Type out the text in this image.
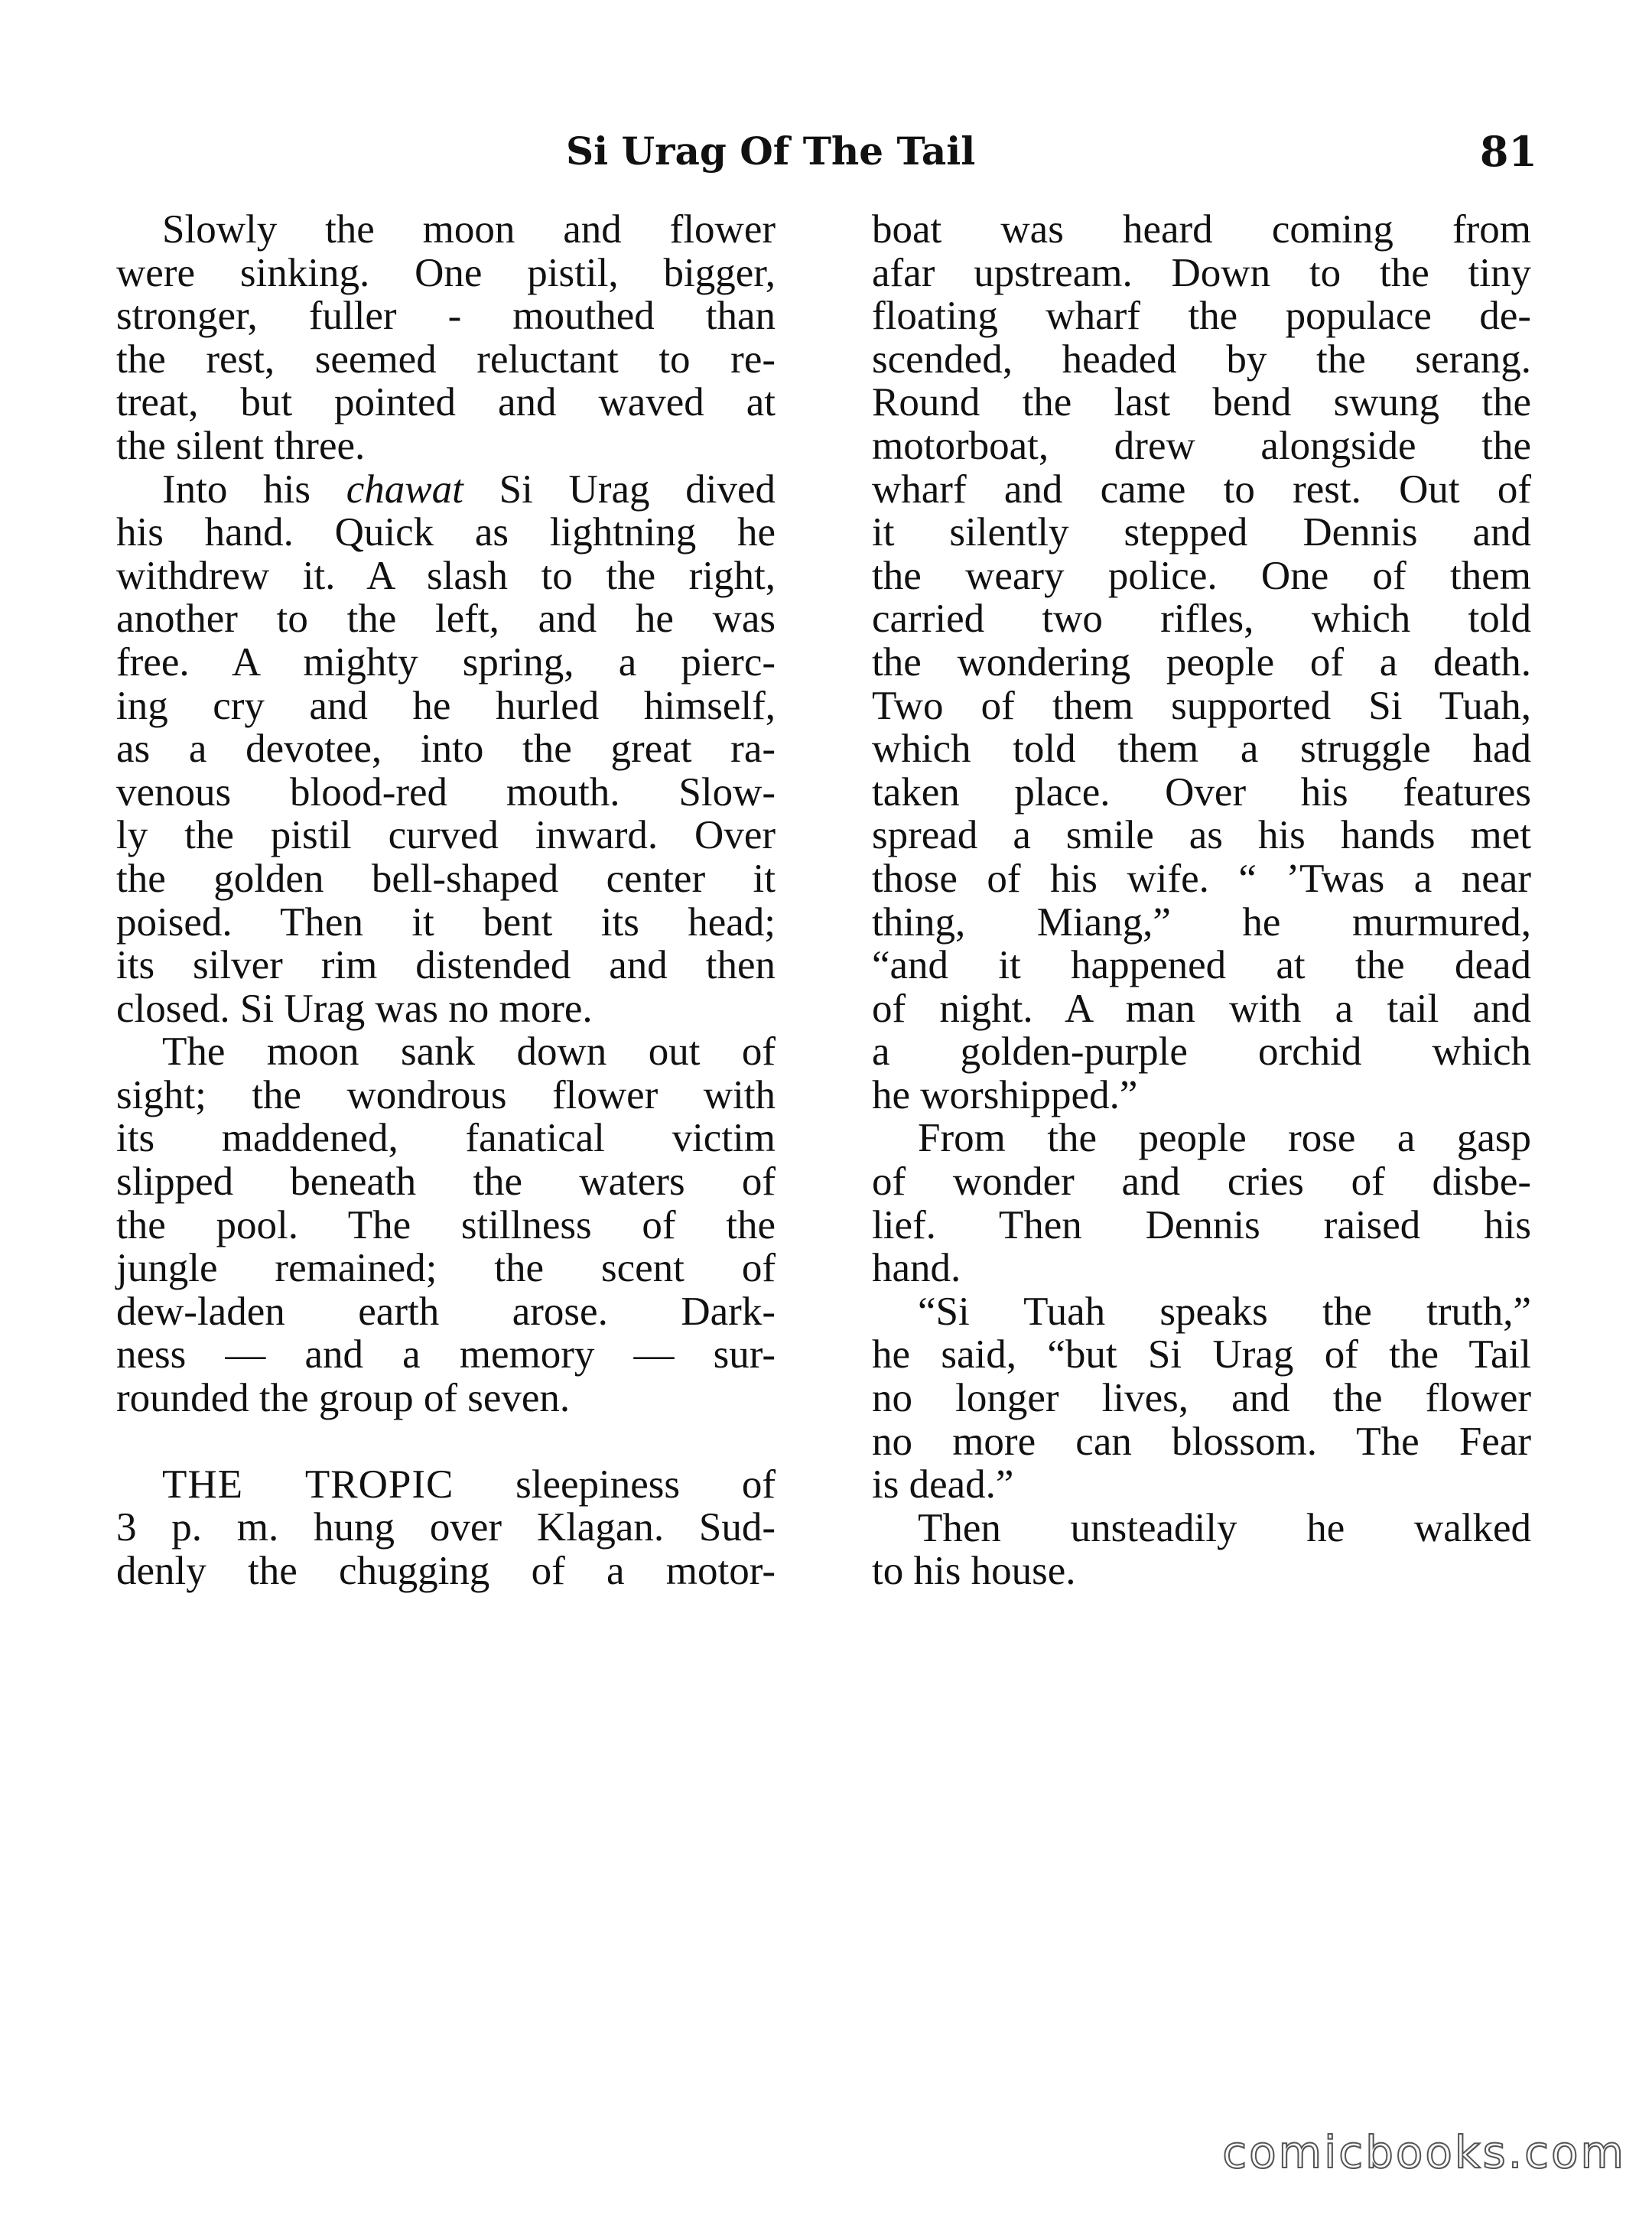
Si Urag Of The Tail	81

Slowly the moon and flower
were sinking. One pistil, bigger,
stronger, fuller - mouthed than
the rest, seemed reluctant to re-
treat, but pointed and waved at
the silent three.

Into his chawat Si Urag dived
his hand. Quick as lightning he
withdrew it. A slash to the right,
another to the left, and he was
free. A mighty spring, a pierc-
ing cry and he hurled himself,
as a devotee, into the great ra-
venous blood-red mouth. Slow-
ly the pistil curved inward. Over
the golden bell-shaped center it
poised. Then it bent its head;
its silver rim distended and then
closed. Si Urag was no more.

The moon sank down out of
sight; the wondrous flower with
its maddened, fanatical victim
slipped beneath the waters of
the pool. The stillness of the
jungle remained; the scent of
dew-laden earth arose. Dark-
ness — and a memory — sur-
rounded the group of seven.

THE TROPIC sleepiness of
3 p. m. hung over Klagan. Sud-
denly the chugging of a motor-

boat was heard coming from
afar upstream. Down to the tiny
floating wharf the populace de-
scended, headed by the serang.
Round the last bend swung the
motorboat, drew alongside the
wharf and came to rest. Out of
it silently stepped Dennis and
the weary police. One of them
carried two rifles, which told
the wondering people of a death.
Two of them supported Si Tuah,
which told them a struggle had
taken place. Over his features
spread a smile as his hands met
those of his wife. “ ’Twas a near
thing, Miang,” he murmured,
“and it happened at the dead
of night. A man with a tail and
a golden-purple orchid which
he worshipped.”

From the people rose a gasp
of wonder and cries of disbe-
lief. Then Dennis raised his
hand.

“Si Tuah speaks the truth,”
he said, “but Si Urag of the Tail
no longer lives, and the flower
no more can blossom. The Fear
is dead.”

Then unsteadily he walked
to his house.

comicbooks.com
